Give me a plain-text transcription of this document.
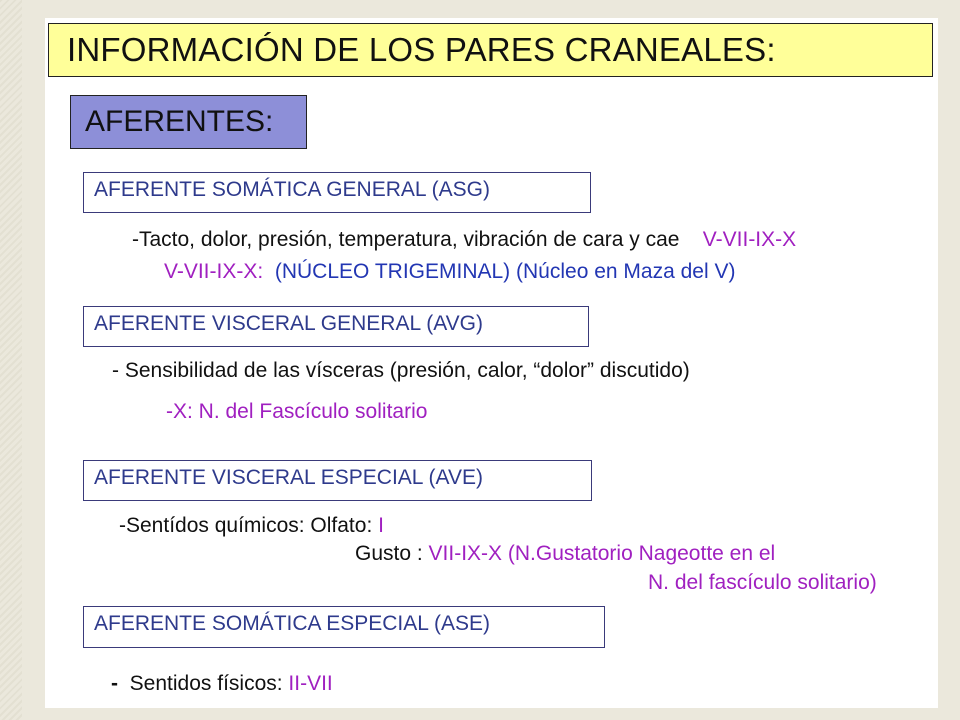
INFORMACIÓN DE LOS PARES CRANEALES:
AFERENTES:
AFERENTE SOMÁTICA GENERAL (ASG)
-Tacto, dolor, presión, temperatura, vibración de cara y cae V-VII-IX-X
V-VII-IX-X: (NÚCLEO TRIGEMINAL) (Núcleo en Maza del V)
AFERENTE VISCERAL GENERAL (AVG)
- Sensibilidad de las vísceras (presión, calor, “dolor” discutido)
-X: N. del Fascículo solitario
AFERENTE VISCERAL ESPECIAL (AVE)
-Sentídos químicos: Olfato: I
Gusto : VII-IX-X (N.Gustatorio Nageotte en el
N. del fascículo solitario)
AFERENTE SOMÁTICA ESPECIAL (ASE)
- Sentidos físicos: II-VII
